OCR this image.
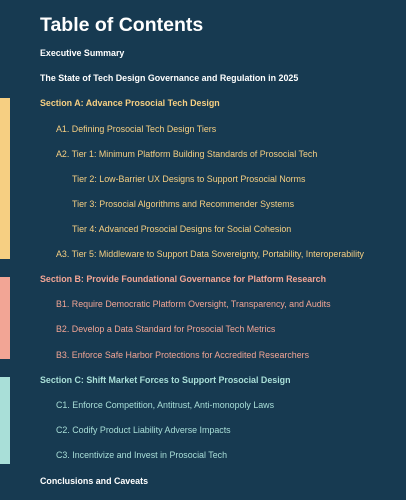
Table of Contents
Executive Summary
The State of Tech Design Governance and Regulation in 2025
Section A: Advance Prosocial Tech Design
A1. Defining Prosocial Tech Design Tiers
A2. Tier 1: Minimum Platform Building Standards of Prosocial Tech
Tier 2: Low-Barrier UX Designs to Support Prosocial Norms
Tier 3: Prosocial Algorithms and Recommender Systems
Tier 4: Advanced Prosocial Designs for Social Cohesion
A3. Tier 5: Middleware to Support Data Sovereignty, Portability, Interoperability
Section B: Provide Foundational Governance for Platform Research
B1. Require Democratic Platform Oversight, Transparency, and Audits
B2. Develop a Data Standard for Prosocial Tech Metrics
B3. Enforce Safe Harbor Protections for Accredited Researchers
Section C: Shift Market Forces to Support Prosocial Design
C1. Enforce Competition, Antitrust, Anti-monopoly Laws
C2. Codify Product Liability Adverse Impacts
C3. Incentivize and Invest in Prosocial Tech
Conclusions and Caveats
